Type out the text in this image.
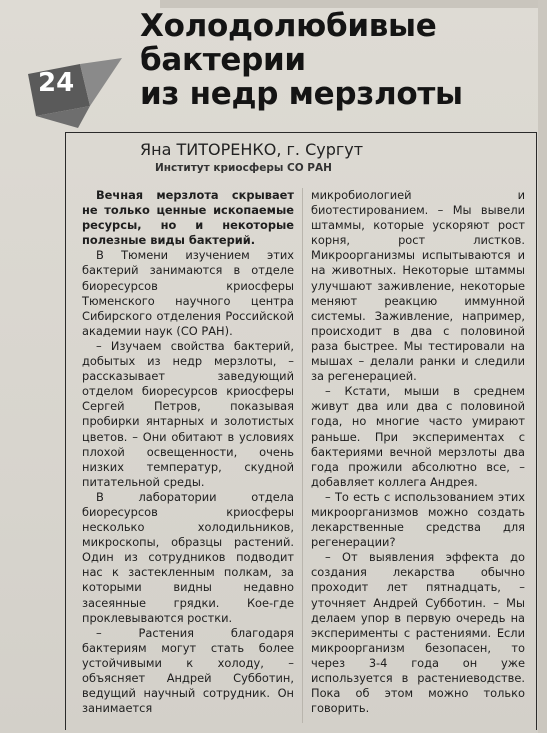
24
Холодолюбивые
бактерии
из недр мерзлоты
Яна ТИТОРЕНКО, г. Сургут
Институт криосферы СО РАН

Вечная мерзлота скрывает не только ценные ископаемые ресурсы, но и некоторые полезные виды бактерий.

В Тюмени изучением этих бактерий занимаются в отделе биоресурсов криосферы Тюменского научного центра Сибирского отделения Российской академии наук (СО РАН).

– Изучаем свойства бактерий, добытых из недр мерзлоты, – рассказывает заведующий отделом биоресурсов криосферы Сергей Петров, показывая пробирки янтарных и золотистых цветов. – Они обитают в условиях плохой освещенности, очень низких температур, скудной питательной среды.

В лаборатории отдела биоресурсов криосферы несколько холодильников, микроскопы, образцы растений. Один из сотрудников подводит нас к застекленным полкам, за которыми видны недавно засеянные грядки. Кое-где проклевываются ростки.

– Растения благодаря бактериям могут стать более устойчивыми к холоду, – объясняет Андрей Субботин, ведущий научный сотрудник. Он занимается

микробиологией и биотестированием. – Мы вывели штаммы, которые ускоряют рост корня, рост листков. Микроорганизмы испытываются и на животных. Некоторые штаммы улучшают заживление, некоторые меняют реакцию иммунной системы. Заживление, например, происходит в два с половиной раза быстрее. Мы тестировали на мышах – делали ранки и следили за регенерацией.

– Кстати, мыши в среднем живут два или два с половиной года, но многие часто умирают раньше. При экспериментах с бактериями вечной мерзлоты два года прожили абсолютно все, – добавляет коллега Андрея.

– То есть с использованием этих микроорганизмов можно создать лекарственные средства для регенерации?

– От выявления эффекта до создания лекарства обычно проходит лет пятнадцать, – уточняет Андрей Субботин. – Мы делаем упор в первую очередь на эксперименты с растениями. Если микроорганизм безопасен, то через 3-4 года он уже используется в растениеводстве. Пока об этом можно только говорить.
